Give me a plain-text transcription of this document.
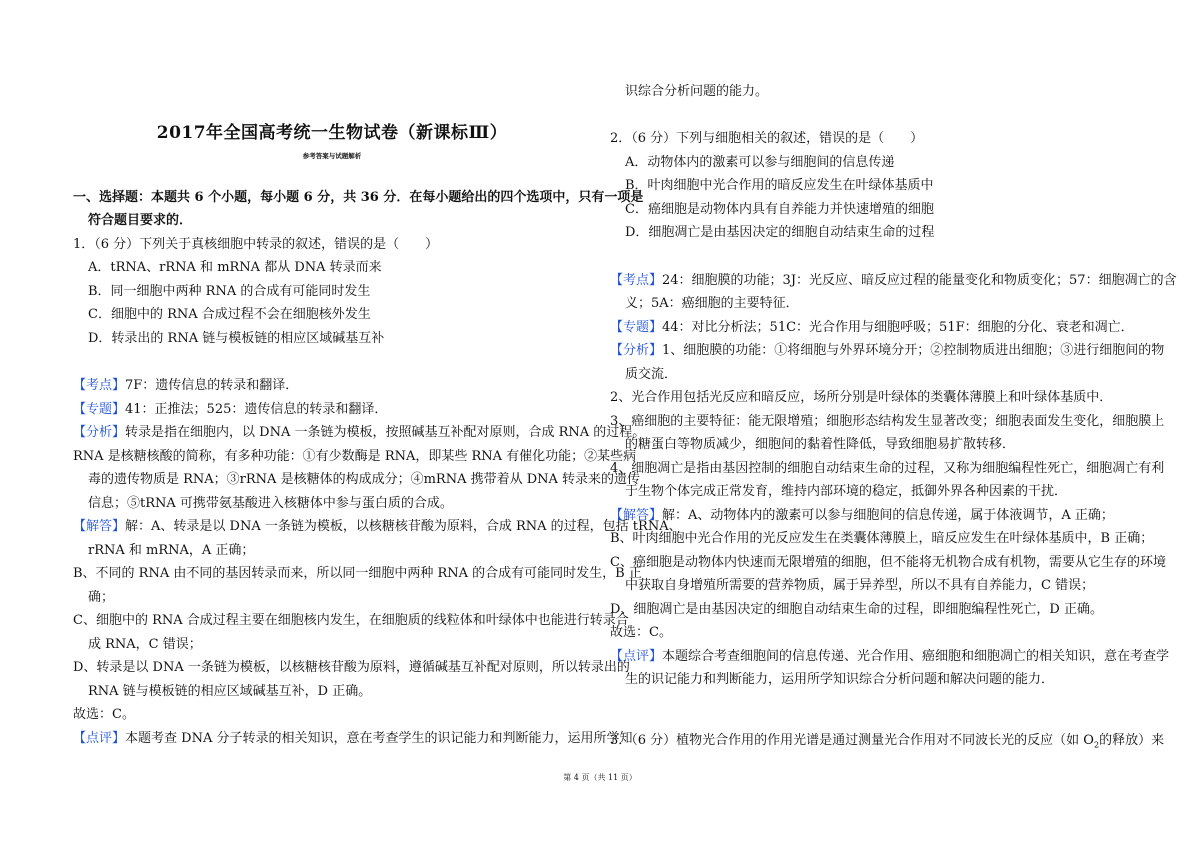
2017年全国高考统一生物试卷（新课标Ⅲ）
参考答案与试题解析
一、选择题：本题共 6 个小题，每小题 6 分，共 36 分．在每小题给出的四个选项中，只有一项是
符合题目要求的．
1．（6 分）下列关于真核细胞中转录的叙述，错误的是（　　）
A．tRNA、rRNA 和 mRNA 都从 DNA 转录而来
B．同一细胞中两种 RNA 的合成有可能同时发生
C．细胞中的 RNA 合成过程不会在细胞核外发生
D．转录出的 RNA 链与模板链的相应区域碱基互补
【考点】7F：遗传信息的转录和翻译．
【专题】41：正推法；525：遗传信息的转录和翻译．
【分析】转录是指在细胞内，以 DNA 一条链为模板，按照碱基互补配对原则，合成 RNA 的过程。
RNA 是核糖核酸的简称，有多种功能：①有少数酶是 RNA，即某些 RNA 有催化功能；②某些病
毒的遗传物质是 RNA；③rRNA 是核糖体的构成成分；④mRNA 携带着从 DNA 转录来的遗传
信息；⑤tRNA 可携带氨基酸进入核糖体中参与蛋白质的合成。
【解答】解：A、转录是以 DNA 一条链为模板，以核糖核苷酸为原料，合成 RNA 的过程，包括 tRNA、
rRNA 和 mRNA，A 正确；
B、不同的 RNA 由不同的基因转录而来，所以同一细胞中两种 RNA 的合成有可能同时发生，B 正
确；
C、细胞中的 RNA 合成过程主要在细胞核内发生，在细胞质的线粒体和叶绿体中也能进行转录合
成 RNA，C 错误；
D、转录是以 DNA 一条链为模板，以核糖核苷酸为原料，遵循碱基互补配对原则，所以转录出的
RNA 链与模板链的相应区域碱基互补，D 正确。
故选：C。
【点评】本题考查 DNA 分子转录的相关知识，意在考查学生的识记能力和判断能力，运用所学知
3．（6 分）植物光合作用的作用光谱是通过测量光合作用对不同波长光的反应（如 $O_2$的释放）来
识综合分析问题的能力。
2．（6 分）下列与细胞相关的叙述，错误的是（　　）
A．动物体内的激素可以参与细胞间的信息传递
B．叶肉细胞中光合作用的暗反应发生在叶绿体基质中
C．癌细胞是动物体内具有自养能力并快速增殖的细胞
D．细胞凋亡是由基因决定的细胞自动结束生命的过程
【考点】24：细胞膜的功能；3J：光反应、暗反应过程的能量变化和物质变化；57：细胞凋亡的含
义；5A：癌细胞的主要特征．
【专题】44：对比分析法；51C：光合作用与细胞呼吸；51F：细胞的分化、衰老和凋亡．
【分析】1、细胞膜的功能：①将细胞与外界环境分开；②控制物质进出细胞；③进行细胞间的物
质交流．
2、光合作用包括光反应和暗反应，场所分别是叶绿体的类囊体薄膜上和叶绿体基质中．
3、癌细胞的主要特征：能无限增殖；细胞形态结构发生显著改变；细胞表面发生变化，细胞膜上
的糖蛋白等物质减少，细胞间的黏着性降低，导致细胞易扩散转移．
4、细胞凋亡是指由基因控制的细胞自动结束生命的过程，又称为细胞编程性死亡，细胞凋亡有利
于生物个体完成正常发育，维持内部环境的稳定，抵御外界各种因素的干扰．
【解答】解：A、动物体内的激素可以参与细胞间的信息传递，属于体液调节，A 正确；
B、叶肉细胞中光合作用的光反应发生在类囊体薄膜上，暗反应发生在叶绿体基质中，B 正确；
C、癌细胞是动物体内快速而无限增殖的细胞，但不能将无机物合成有机物，需要从它生存的环境
中获取自身增殖所需要的营养物质，属于异养型，所以不具有自养能力，C 错误；
D、细胞凋亡是由基因决定的细胞自动结束生命的过程，即细胞编程性死亡，D 正确。
故选：C。
【点评】本题综合考查细胞间的信息传递、光合作用、癌细胞和细胞凋亡的相关知识，意在考查学
生的识记能力和判断能力，运用所学知识综合分析问题和解决问题的能力．
第 4 页（共 11 页）
